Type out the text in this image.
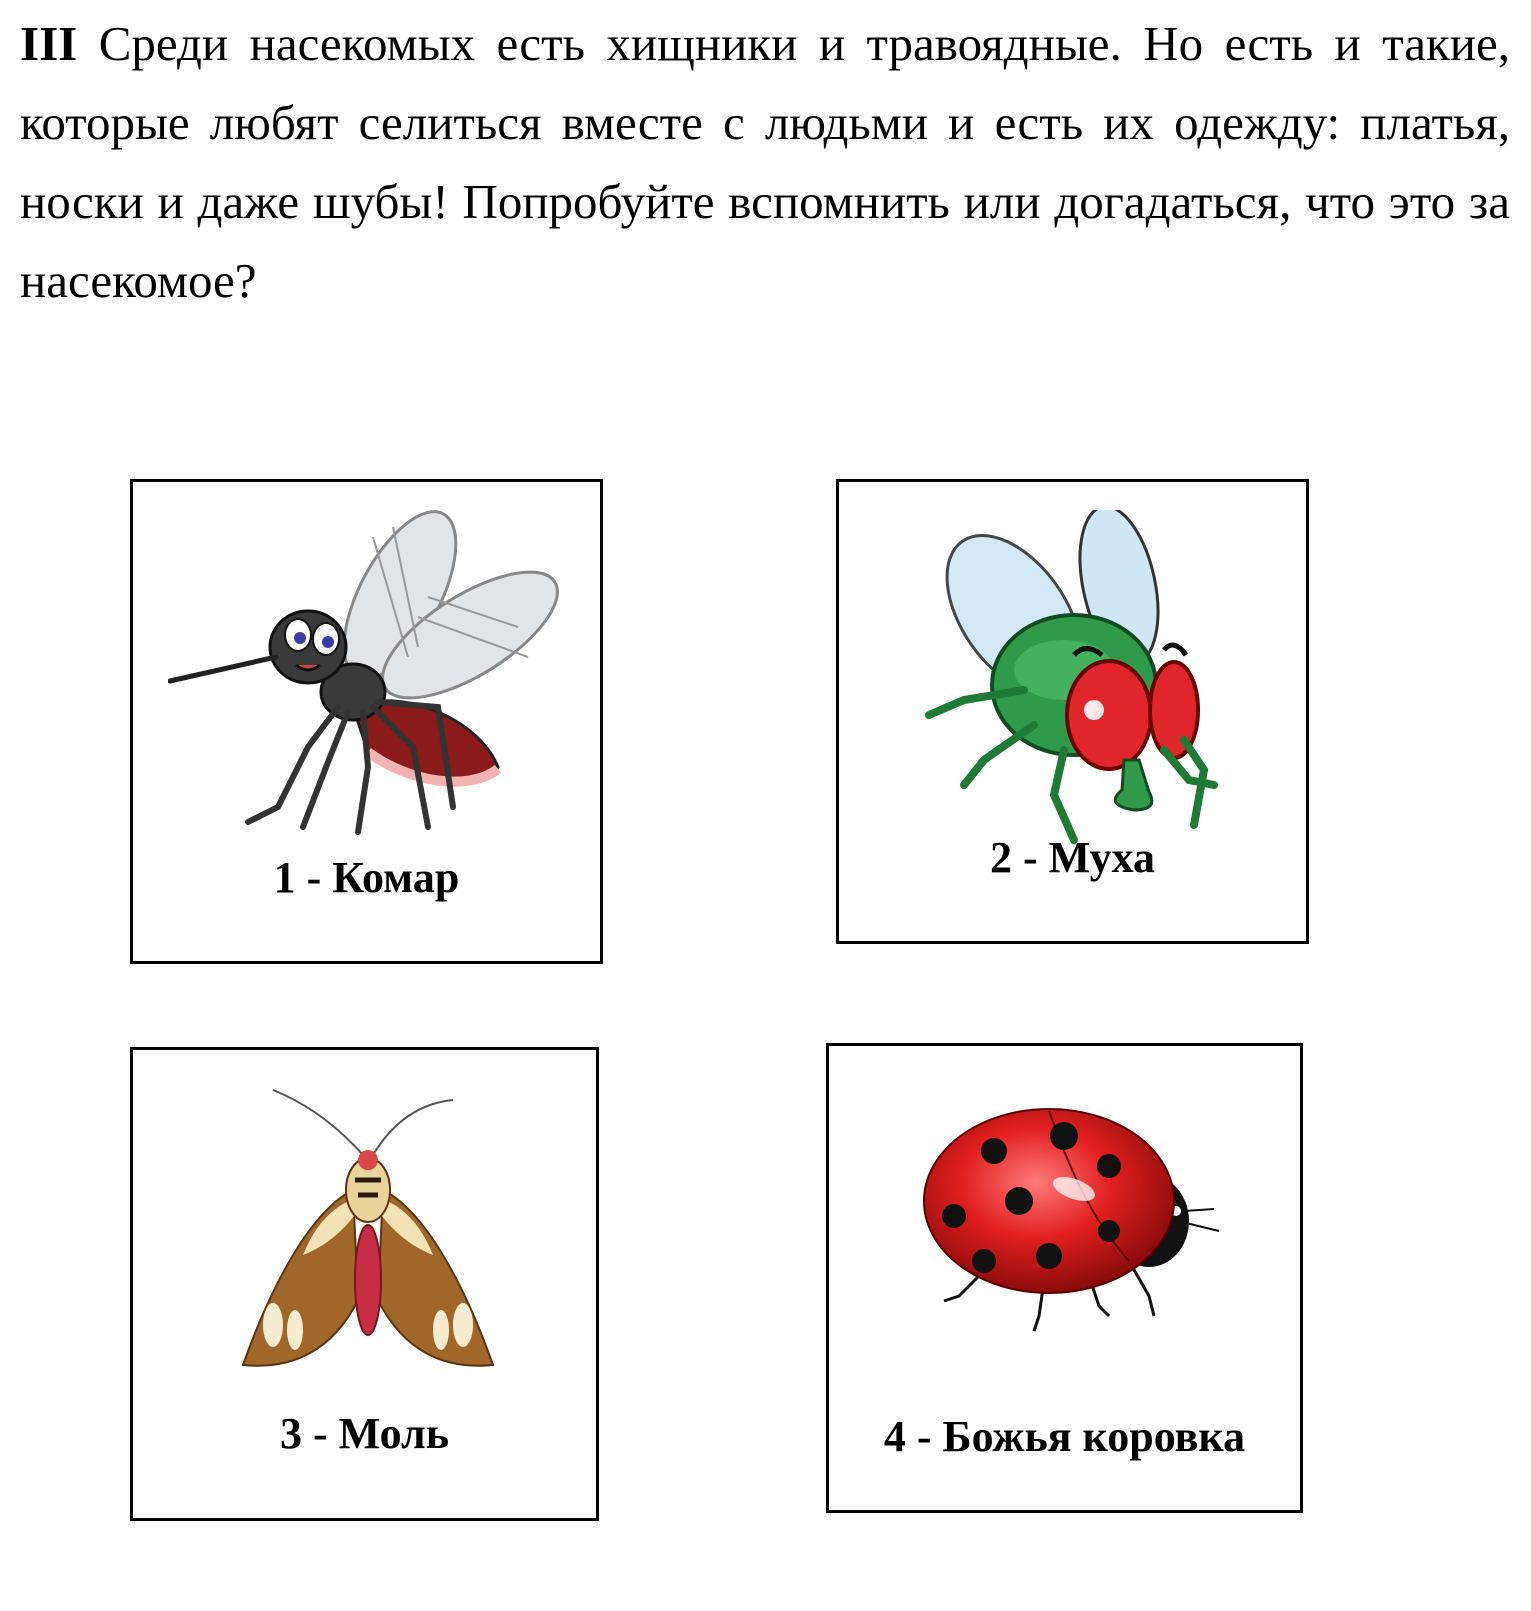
III Среди насекомых есть хищники и травоядные. Но есть и такие, которые любят селиться вместе с людьми и есть их одежду: платья, носки и даже шубы! Попробуйте вспомнить или догадаться, что это за насекомое?

1 - Комар	2 - Муха
3 - Моль	4 - Божья коровка
